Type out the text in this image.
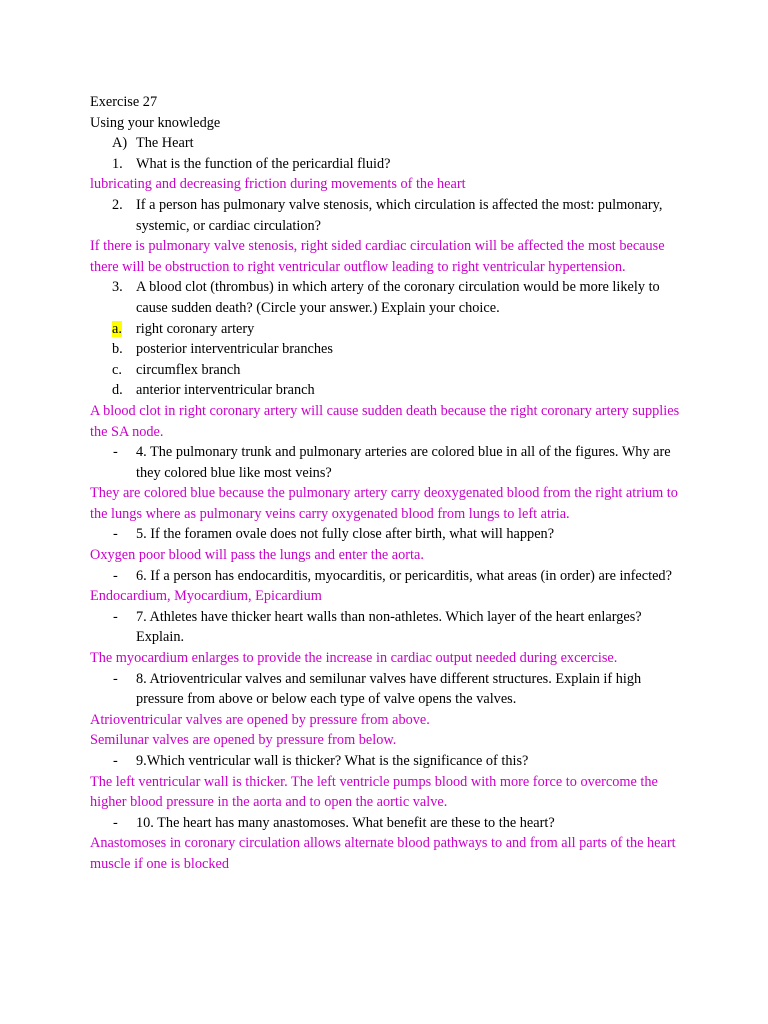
Exercise 27

Using your knowledge

A) The Heart

1. What is the function of the pericardial fluid?

lubricating and decreasing friction during movements of the heart

2. If a person has pulmonary valve stenosis, which circulation is affected the most: pulmonary, systemic, or cardiac circulation?

If there is pulmonary valve stenosis, right sided cardiac circulation will be affected the most because there will be obstruction to right ventricular outflow leading to right ventricular hypertension.

3. A blood clot (thrombus) in which artery of the coronary circulation would be more likely to cause sudden death? (Circle your answer.) Explain your choice.

a. right coronary artery

b. posterior interventricular branches

c. circumflex branch

d. anterior interventricular branch

A blood clot in right coronary artery will cause sudden death because the right coronary artery supplies the SA node.

-	4. The pulmonary trunk and pulmonary arteries are colored blue in all of the figures. Why are they colored blue like most veins?

They are colored blue because the pulmonary artery carry deoxygenated blood from the right atrium to the lungs where as pulmonary veins carry oxygenated blood from lungs to left atria.

-	5. If the foramen ovale does not fully close after birth, what will happen?

Oxygen poor blood will pass the lungs and enter the aorta.

-	6. If a person has endocarditis, myocarditis, or pericarditis, what areas (in order) are infected?

Endocardium, Myocardium, Epicardium

-	7. Athletes have thicker heart walls than non-athletes. Which layer of the heart enlarges? Explain.

The myocardium enlarges to provide the increase in cardiac output needed during excercise.

-	8. Atrioventricular valves and semilunar valves have different structures. Explain if high pressure from above or below each type of valve opens the valves.

Atrioventricular valves are opened by pressure from above.

Semilunar valves are opened by pressure from below.

-	9.Which ventricular wall is thicker? What is the significance of this?

The left ventricular wall is thicker. The left ventricle pumps blood with more force to overcome the higher blood pressure in the aorta and to open the aortic valve.

-	10. The heart has many anastomoses. What benefit are these to the heart?

Anastomoses in coronary circulation allows alternate blood pathways to and from all parts of the heart muscle if one is blocked
